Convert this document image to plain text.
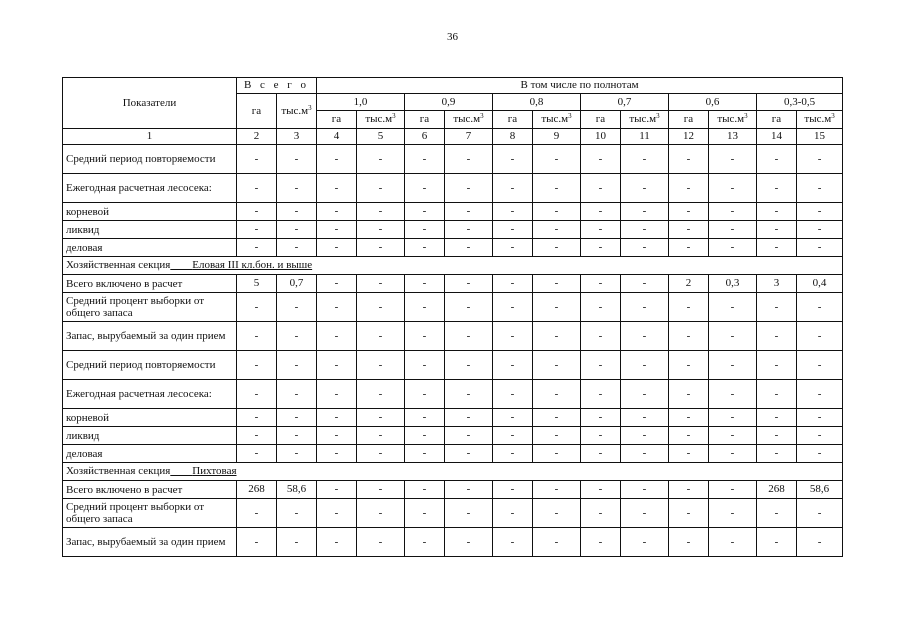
36
Показатели	В с е г о		В том числе по полнотам											
	га	$тыс.м^3$	1,0		0,9		0,8		0,7		0,6		0,3-0,5	
			га	$тыс.м^3$	га	$тыс.м^3$	га	$тыс.м^3$	га	$тыс.м^3$	га	$тыс.м^3$	га	$тыс.м^3$
1	2	3	4	5	6	7	8	9	10	11	12	13	14	15
Средний период повторяемости	-	-	-	-	-	-	-	-	-	-	-	-	-	-
Ежегодная расчетная лесосека:	-	-	-	-	-	-	-	-	-	-	-	-	-	-
корневой	-	-	-	-	-	-	-	-	-	-	-	-	-	-
ликвид	-	-	-	-	-	-	-	-	-	-	-	-	-	-
деловая	-	-	-	-	-	-	-	-	-	-	-	-	-	-
Хозяйственная секция Еловая III кл.бон. и выше														
Всего включено в расчет	5	0,7	-	-	-	-	-	-	-	-	2	0,3	3	0,4
Средний процент выборки от общего запаса	-	-	-	-	-	-	-	-	-	-	-	-	-	-
Запас, вырубаемый за один прием	-	-	-	-	-	-	-	-	-	-	-	-	-	-
Средний период повторяемости	-	-	-	-	-	-	-	-	-	-	-	-	-	-
Ежегодная расчетная лесосека:	-	-	-	-	-	-	-	-	-	-	-	-	-	-
корневой	-	-	-	-	-	-	-	-	-	-	-	-	-	-
ликвид	-	-	-	-	-	-	-	-	-	-	-	-	-	-
деловая	-	-	-	-	-	-	-	-	-	-	-	-	-	-
Хозяйственная секция Пихтовая														
Всего включено в расчет	268	58,6	-	-	-	-	-	-	-	-	-	-	268	58,6
Средний процент выборки от общего запаса	-	-	-	-	-	-	-	-	-	-	-	-	-	-
Запас, вырубаемый за один прием	-	-	-	-	-	-	-	-	-	-	-	-	-	-
